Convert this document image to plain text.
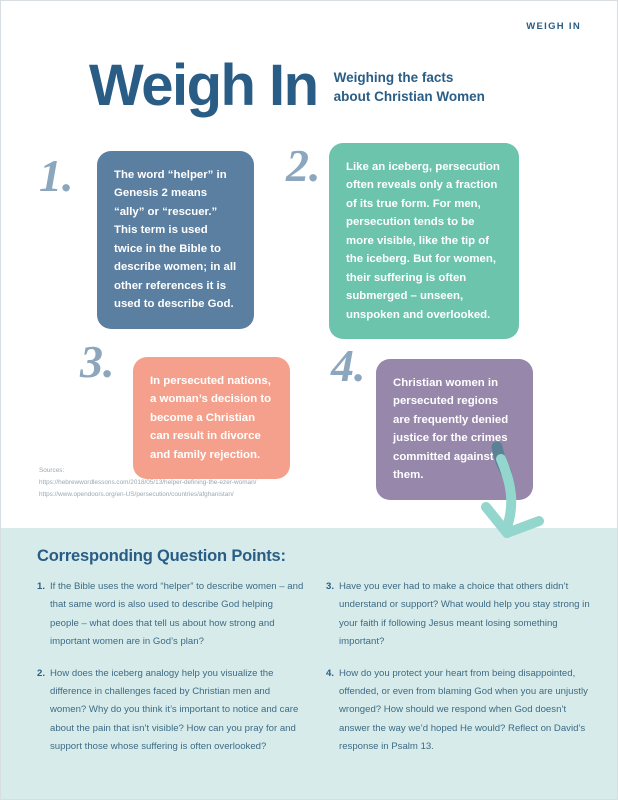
WEIGH IN
Weigh In Weighing the facts
about Christian Women
1.	The word “helper” in Genesis 2 means “ally” or “rescuer.” This term is used twice in the Bible to describe women; in all other references it is used to describe God.
2.	Like an iceberg, persecution often reveals only a fraction of its true form. For men, persecution tends to be more visible, like the tip of the iceberg. But for women, their suffering is often submerged – unseen, unspoken and overlooked.
3.	In persecuted nations, a woman’s decision to become a Christian can result in divorce and family rejection.
4.	Christian women in persecuted regions are frequently denied justice for the crimes committed against them.
Sources:
https://hebrewwordlessons.com/2018/05/13/helper-defining-the-ezer-woman/
https://www.opendoors.org/en-US/persecution/countries/afghanistan/
Corresponding Question Points:
1. If the Bible uses the word “helper” to describe women – and that same word is also used to describe God helping people – what does that tell us about how strong and important women are in God’s plan?
2. How does the iceberg analogy help you visualize the difference in challenges faced by Christian men and women? Why do you think it’s important to notice and care about the pain that isn’t visible? How can you pray for and support those whose suffering is often overlooked?
3. Have you ever had to make a choice that others didn’t understand or support? What would help you stay strong in your faith if following Jesus meant losing something important?
4. How do you protect your heart from being disappointed, offended, or even from blaming God when you are unjustly wronged? How should we respond when God doesn’t answer the way we’d hoped He would? Reflect on David’s response in Psalm 13.
